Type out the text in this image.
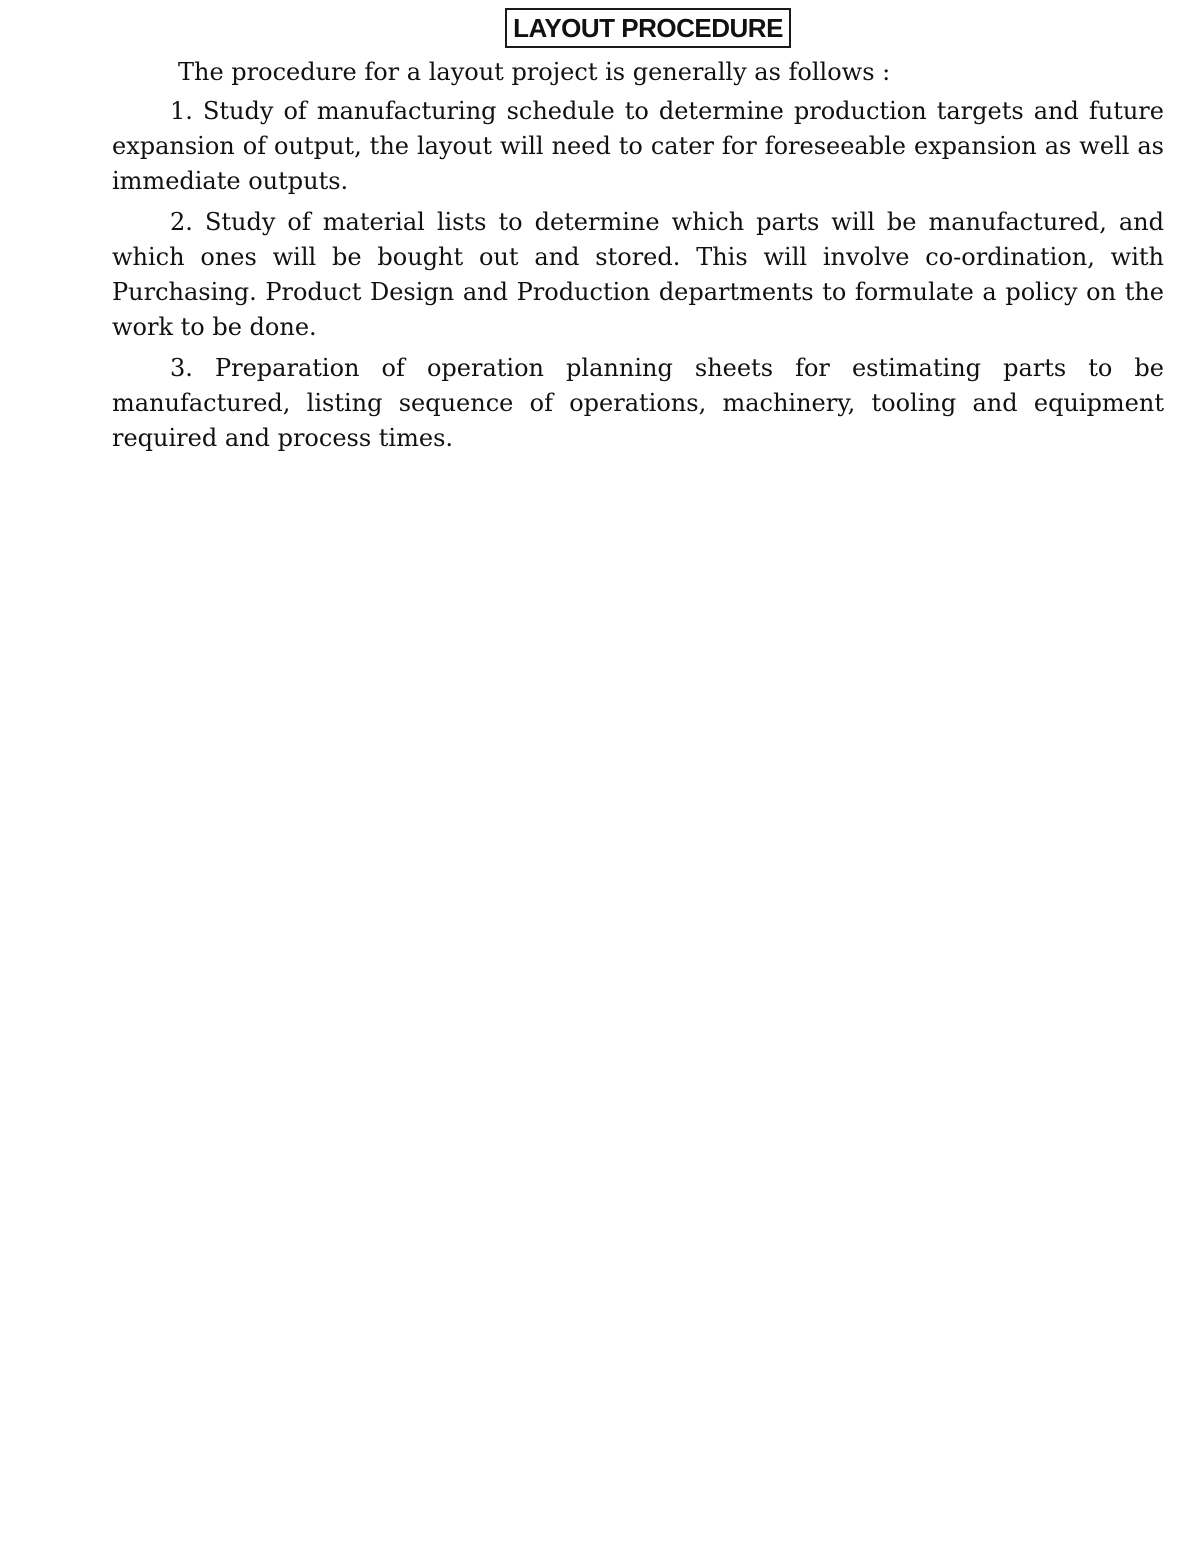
LAYOUT PROCEDURE

The procedure for a layout project is generally as follows :

1. Study of manufacturing schedule to determine production targets and future expansion of output, the layout will need to cater for foreseeable expansion as well as immediate outputs.

2. Study of material lists to determine which parts will be manufactured, and which ones will be bought out and stored. This will involve co-ordination, with Purchasing. Product Design and Production departments to formulate a policy on the work to be done.

3. Preparation of operation planning sheets for estimating parts to be manufactured, listing sequence of operations, machinery, tooling and equipment required and process times.
